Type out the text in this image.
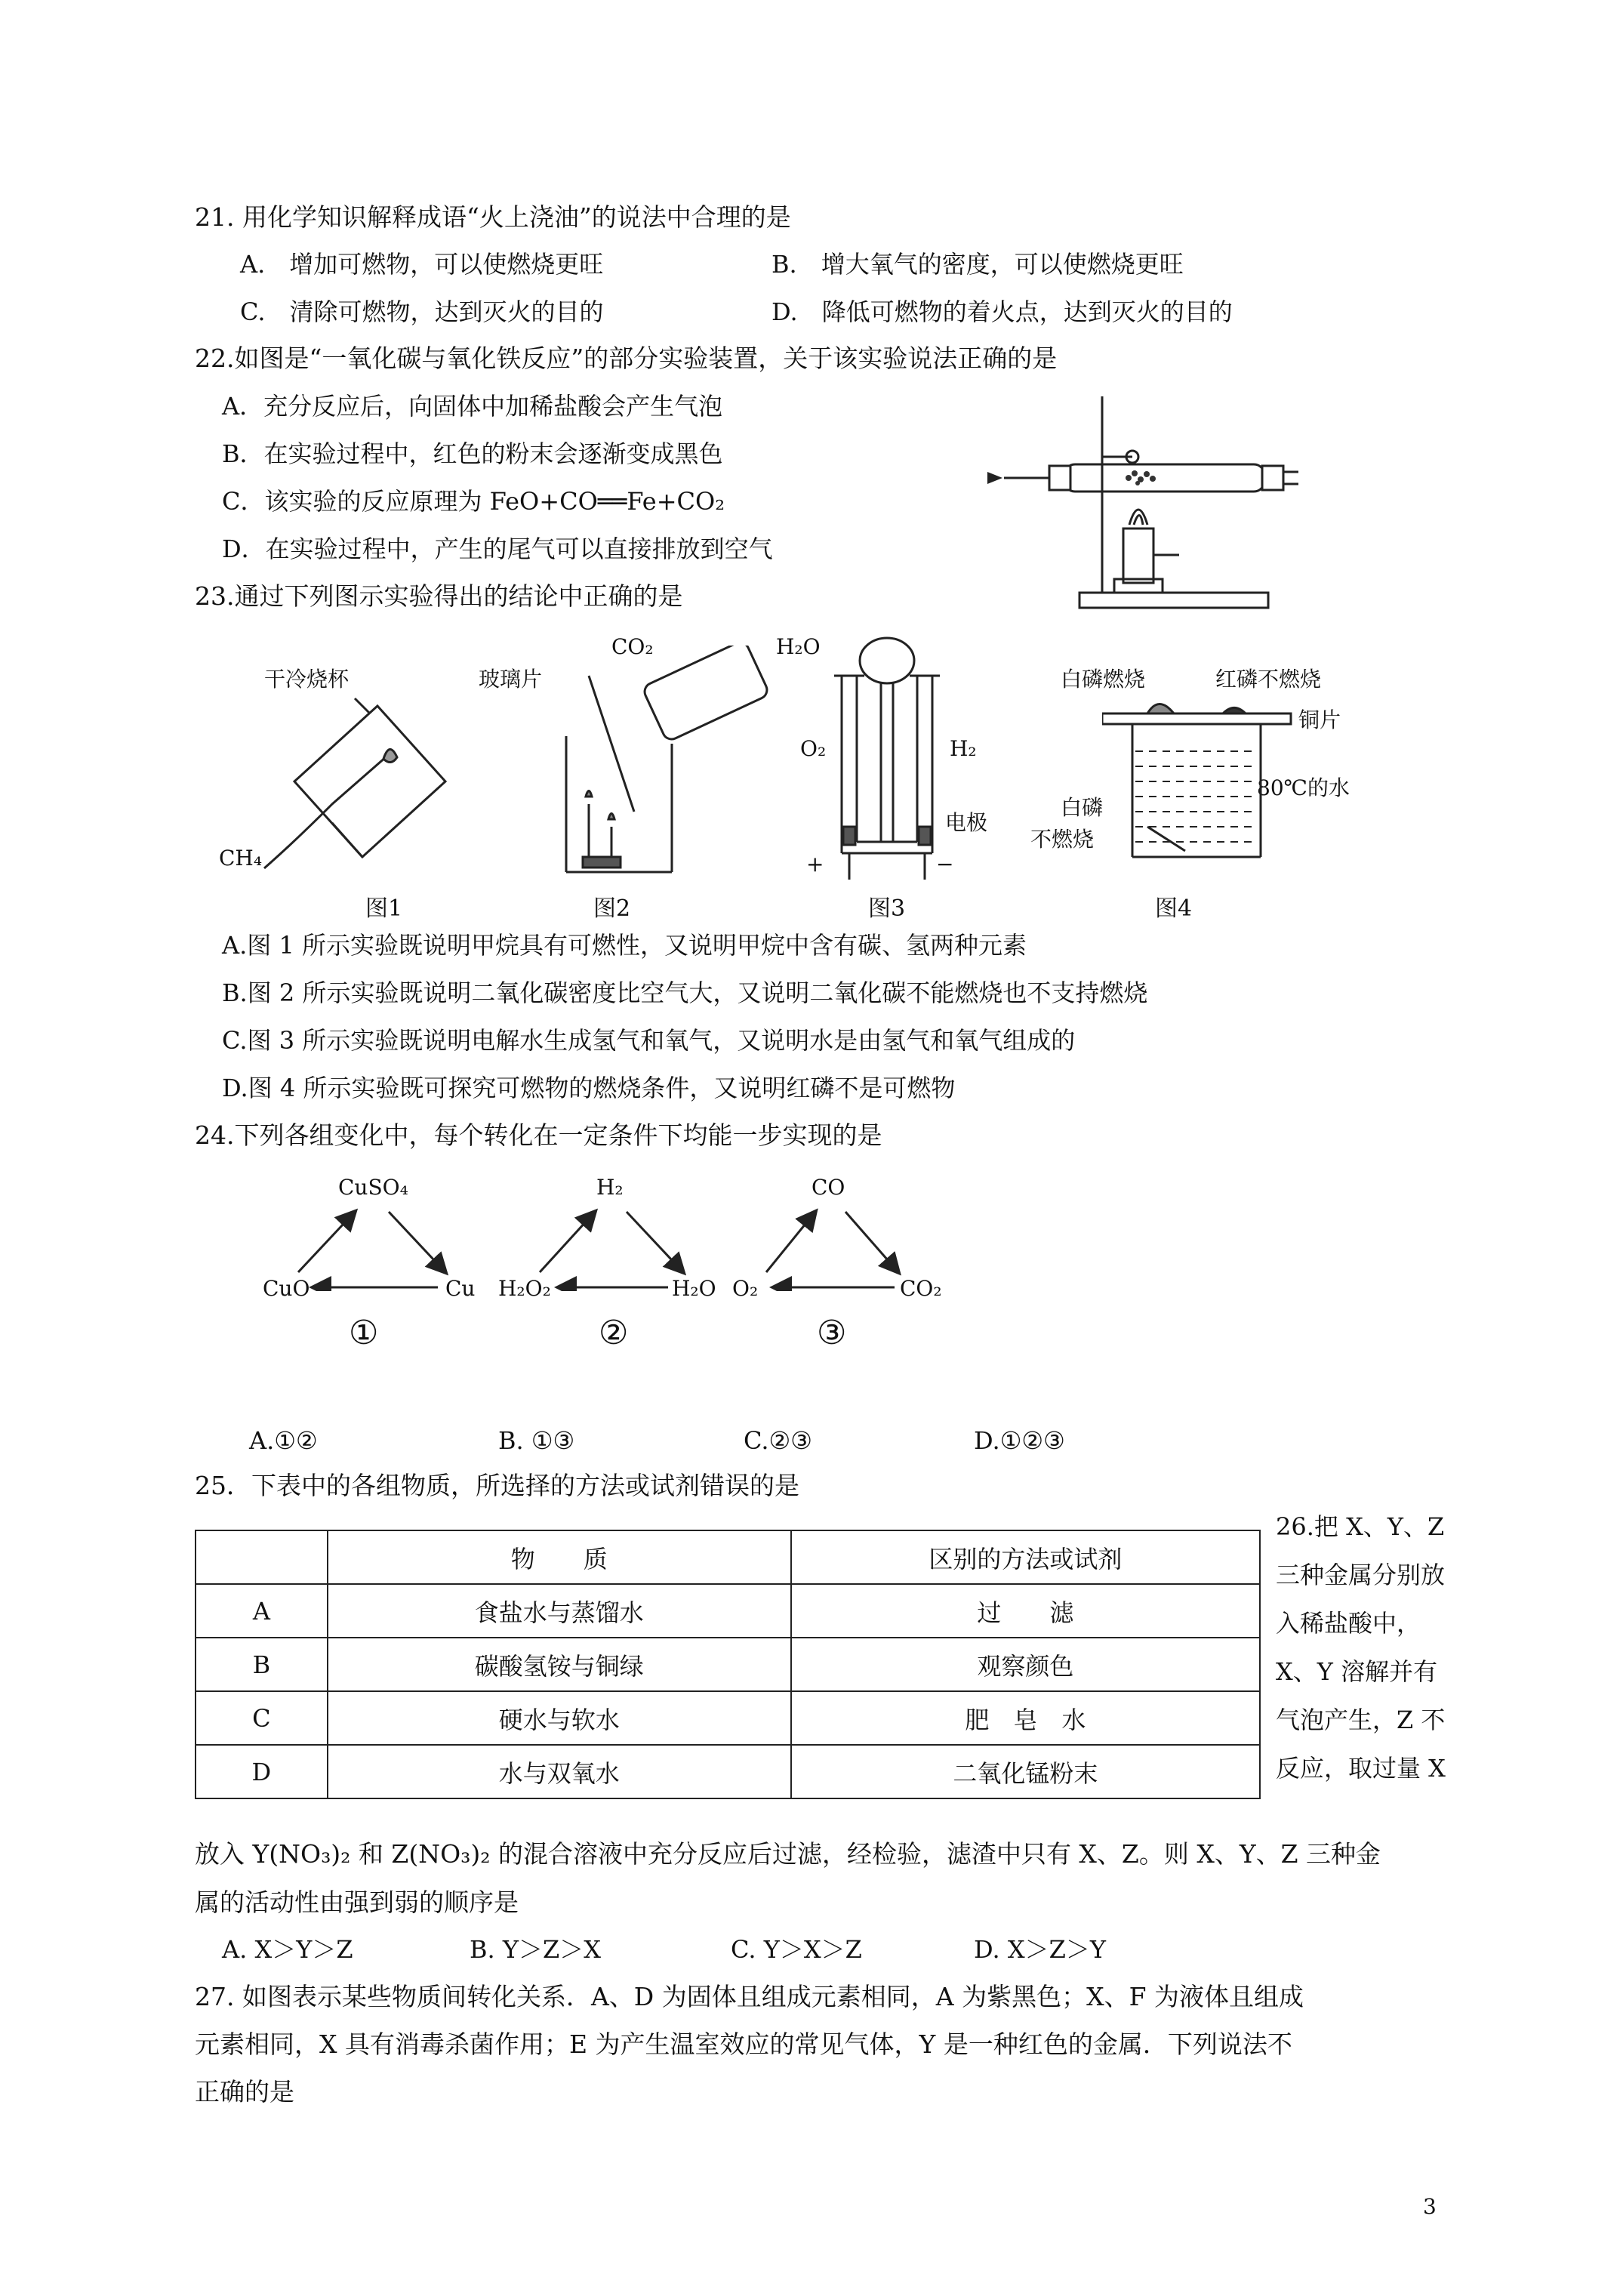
21. 用化学知识解释成语“火上浇油”的说法中合理的是
A.　增加可燃物，可以使燃烧更旺	B.　增大氧气的密度，可以使燃烧更旺
C.　清除可燃物，达到灭火的目的	D.　降低可燃物的着火点，达到灭火的目的
22.如图是“一氧化碳与氧化铁反应”的部分实验装置，关于该实验说法正确的是
A．充分反应后，向固体中加稀盐酸会产生气泡
B．在实验过程中，红色的粉末会逐渐变成黑色
C．该实验的反应原理为 FeO+CO══Fe+CO₂
D．在实验过程中，产生的尾气可以直接排放到空气
23.通过下列图示实验得出的结论中正确的是
干冷烧杯
CH₄
图1
玻璃片
CO₂
图2
H₂O
O₂	H₂
电极
+	−
图3
白磷燃烧	红磷不燃烧
铜片
80℃的水
白磷
不燃烧
图4
A.图 1 所示实验既说明甲烷具有可燃性，又说明甲烷中含有碳、氢两种元素
B.图 2 所示实验既说明二氧化碳密度比空气大，又说明二氧化碳不能燃烧也不支持燃烧
C.图 3 所示实验既说明电解水生成氢气和氧气，又说明水是由氢气和氧气组成的
D.图 4 所示实验既可探究可燃物的燃烧条件，又说明红磷不是可燃物
24.下列各组变化中，每个转化在一定条件下均能一步实现的是
CuSO₄
CuO	Cu
①
H₂
H₂O₂	H₂O
②
CO
O₂	CO₂
③
A.①②	B. ①③	C.②③	D.①②③
25．下表中的各组物质，所选择的方法或试剂错误的是
	物　　质	区别的方法或试剂
A	食盐水与蒸馏水	过　　滤
B	碳酸氢铵与铜绿	观察颜色
C	硬水与软水	肥　皂　水
D	水与双氧水	二氧化锰粉末
26.把 X、Y、Z 三种金属分别放入稀盐酸中，X、Y 溶解并有气泡产生，Z 不反应，取过量 X
放入 Y(NO₃)₂ 和 Z(NO₃)₂ 的混合溶液中充分反应后过滤，经检验，滤渣中只有 X、Z。则 X、Y、Z 三种金
属的活动性由强到弱的顺序是
A. X＞Y＞Z	B. Y＞Z＞X	C. Y＞X＞Z	D. X＞Z＞Y
27. 如图表示某些物质间转化关系．A、D 为固体且组成元素相同，A 为紫黑色；X、F 为液体且组成
元素相同，X 具有消毒杀菌作用；E 为产生温室效应的常见气体，Y 是一种红色的金属．下列说法不
正确的是
3
